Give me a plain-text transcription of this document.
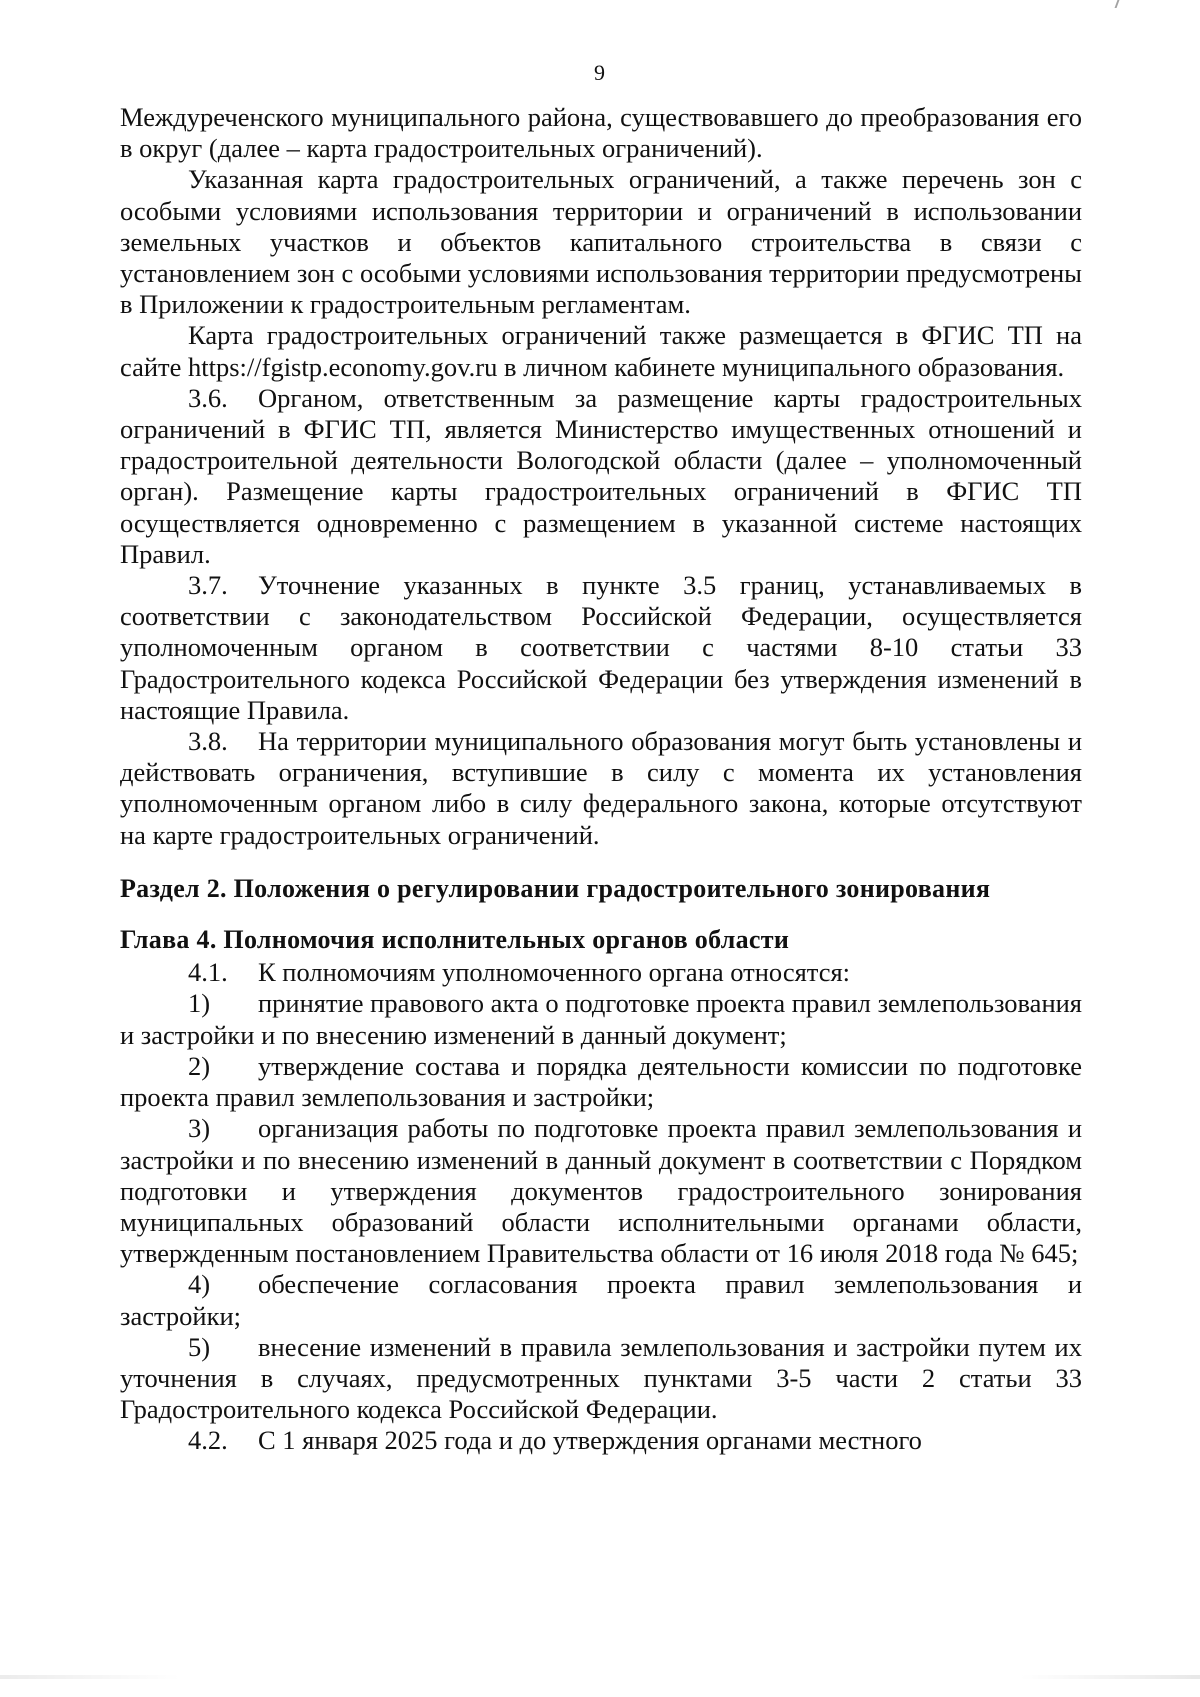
9

Междуреченского муниципального района, существовавшего до преобразования его в округ (далее – карта градостроительных ограничений).

Указанная карта градостроительных ограничений, а также перечень зон с особыми условиями использования территории и ограничений в использовании земельных участков и объектов капитального строительства в связи с установлением зон с особыми условиями использования территории предусмотрены в Приложении к градостроительным регламентам.

Карта градостроительных ограничений также размещается в ФГИС ТП на сайте https://fgistp.economy.gov.ru в личном кабинете муниципального образования.

3.6. Органом, ответственным за размещение карты градостроительных ограничений в ФГИС ТП, является Министерство имущественных отношений и градостроительной деятельности Вологодской области (далее – уполномоченный орган). Размещение карты градостроительных ограничений в ФГИС ТП осуществляется одновременно с размещением в указанной системе настоящих Правил.

3.7. Уточнение указанных в пункте 3.5 границ, устанавливаемых в соответствии с законодательством Российской Федерации, осуществляется уполномоченным органом в соответствии с частями 8-10 статьи 33 Градостроительного кодекса Российской Федерации без утверждения изменений в настоящие Правила.

3.8. На территории муниципального образования могут быть установлены и действовать ограничения, вступившие в силу с момента их установления уполномоченным органом либо в силу федерального закона, которые отсутствуют на карте градостроительных ограничений.

Раздел 2. Положения о регулировании градостроительного зонирования

Глава 4. Полномочия исполнительных органов области

4.1. К полномочиям уполномоченного органа относятся:

1) принятие правового акта о подготовке проекта правил землепользования и застройки и по внесению изменений в данный документ;

2) утверждение состава и порядка деятельности комиссии по подготовке проекта правил землепользования и застройки;

3) организация работы по подготовке проекта правил землепользования и застройки и по внесению изменений в данный документ в соответствии с Порядком подготовки и утверждения документов градостроительного зонирования муниципальных образований области исполнительными органами области, утвержденным постановлением Правительства области от 16 июля 2018 года № 645;

4) обеспечение согласования проекта правил землепользования и застройки;

5) внесение изменений в правила землепользования и застройки путем их уточнения в случаях, предусмотренных пунктами 3-5 части 2 статьи 33 Градостроительного кодекса Российской Федерации.

4.2. С 1 января 2025 года и до утверждения органами местного
